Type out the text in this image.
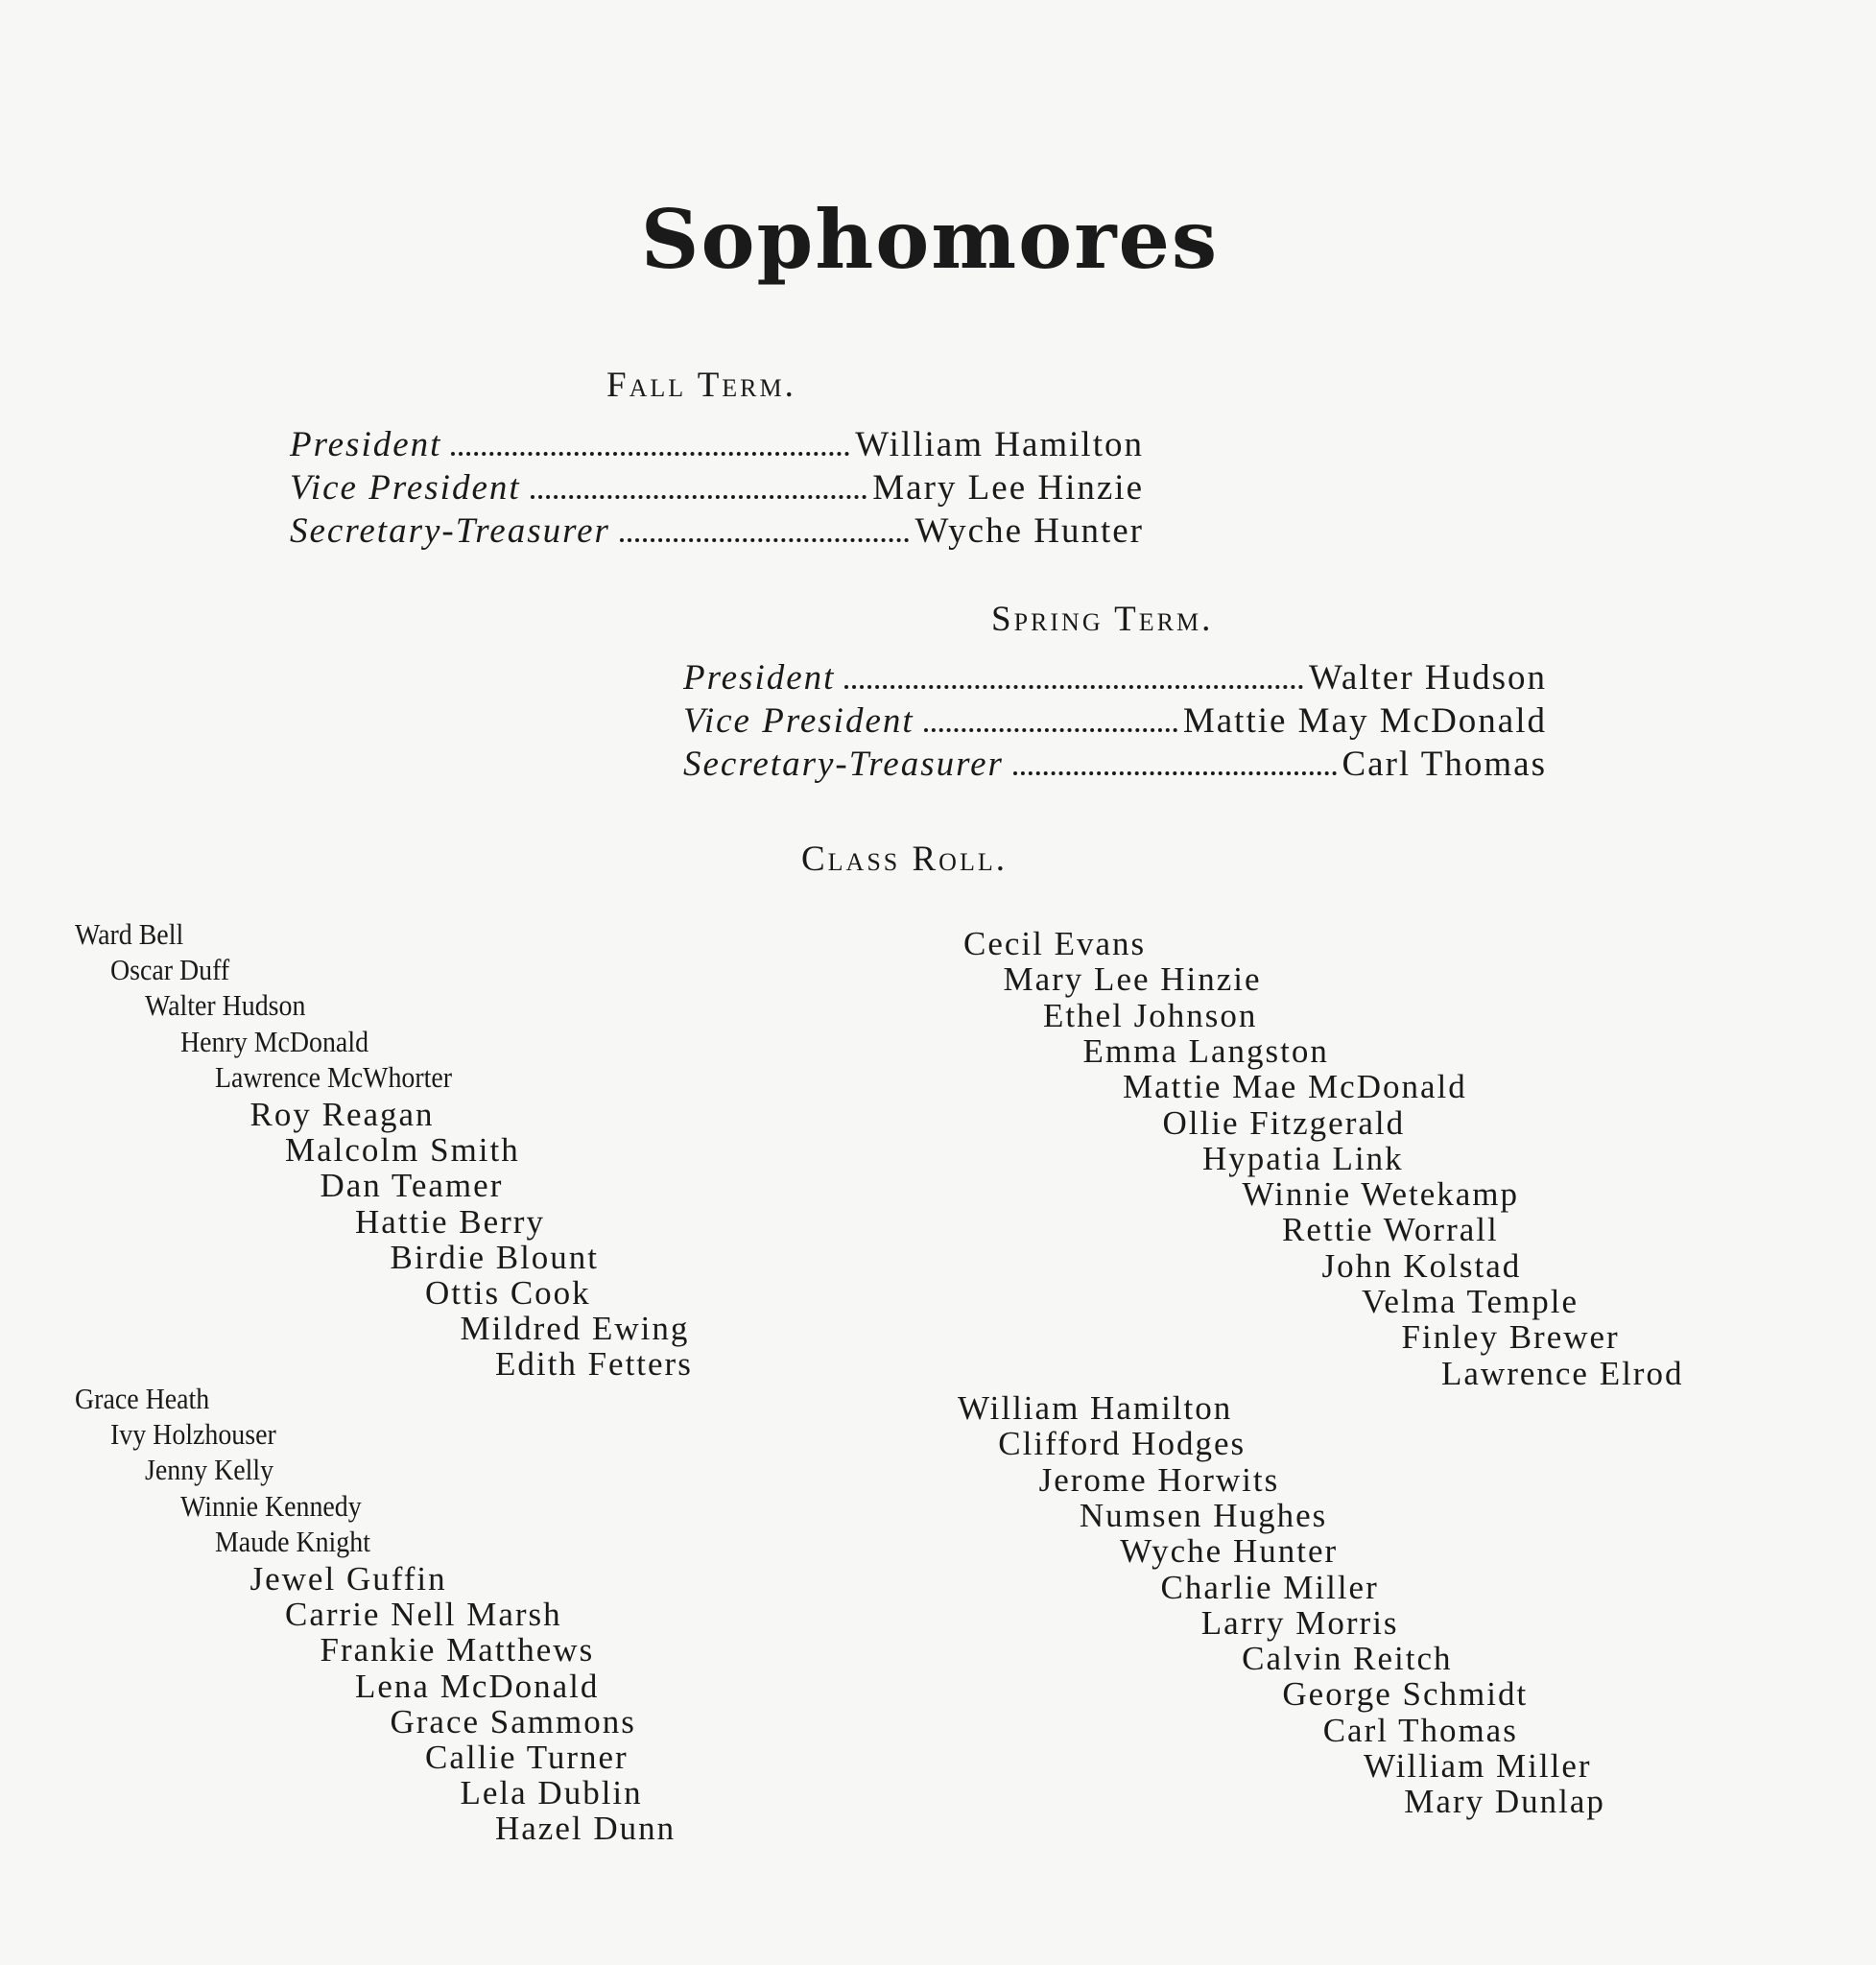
Sophomores
Fall Term.
President	William Hamilton
Vice President	Mary Lee Hinzie
Secretary-Treasurer	Wyche Hunter
Spring Term.
President	Walter Hudson
Vice President	Mattie May McDonald
Secretary-Treasurer	Carl Thomas
Class Roll.
Ward Bell
Oscar Duff
Walter Hudson
Henry McDonald
Lawrence McWhorter
Roy Reagan
Malcolm Smith
Dan Teamer
Hattie Berry
Birdie Blount
Ottis Cook
Mildred Ewing
Edith Fetters
Grace Heath
Ivy Holzhouser
Jenny Kelly
Winnie Kennedy
Maude Knight
Jewel Guffin
Carrie Nell Marsh
Frankie Matthews
Lena McDonald
Grace Sammons
Callie Turner
Lela Dublin
Hazel Dunn
Cecil Evans
Mary Lee Hinzie
Ethel Johnson
Emma Langston
Mattie Mae McDonald
Ollie Fitzgerald
Hypatia Link
Winnie Wetekamp
Rettie Worrall
John Kolstad
Velma Temple
Finley Brewer
Lawrence Elrod
William Hamilton
Clifford Hodges
Jerome Horwits
Numsen Hughes
Wyche Hunter
Charlie Miller
Larry Morris
Calvin Reitch
George Schmidt
Carl Thomas
William Miller
Mary Dunlap
